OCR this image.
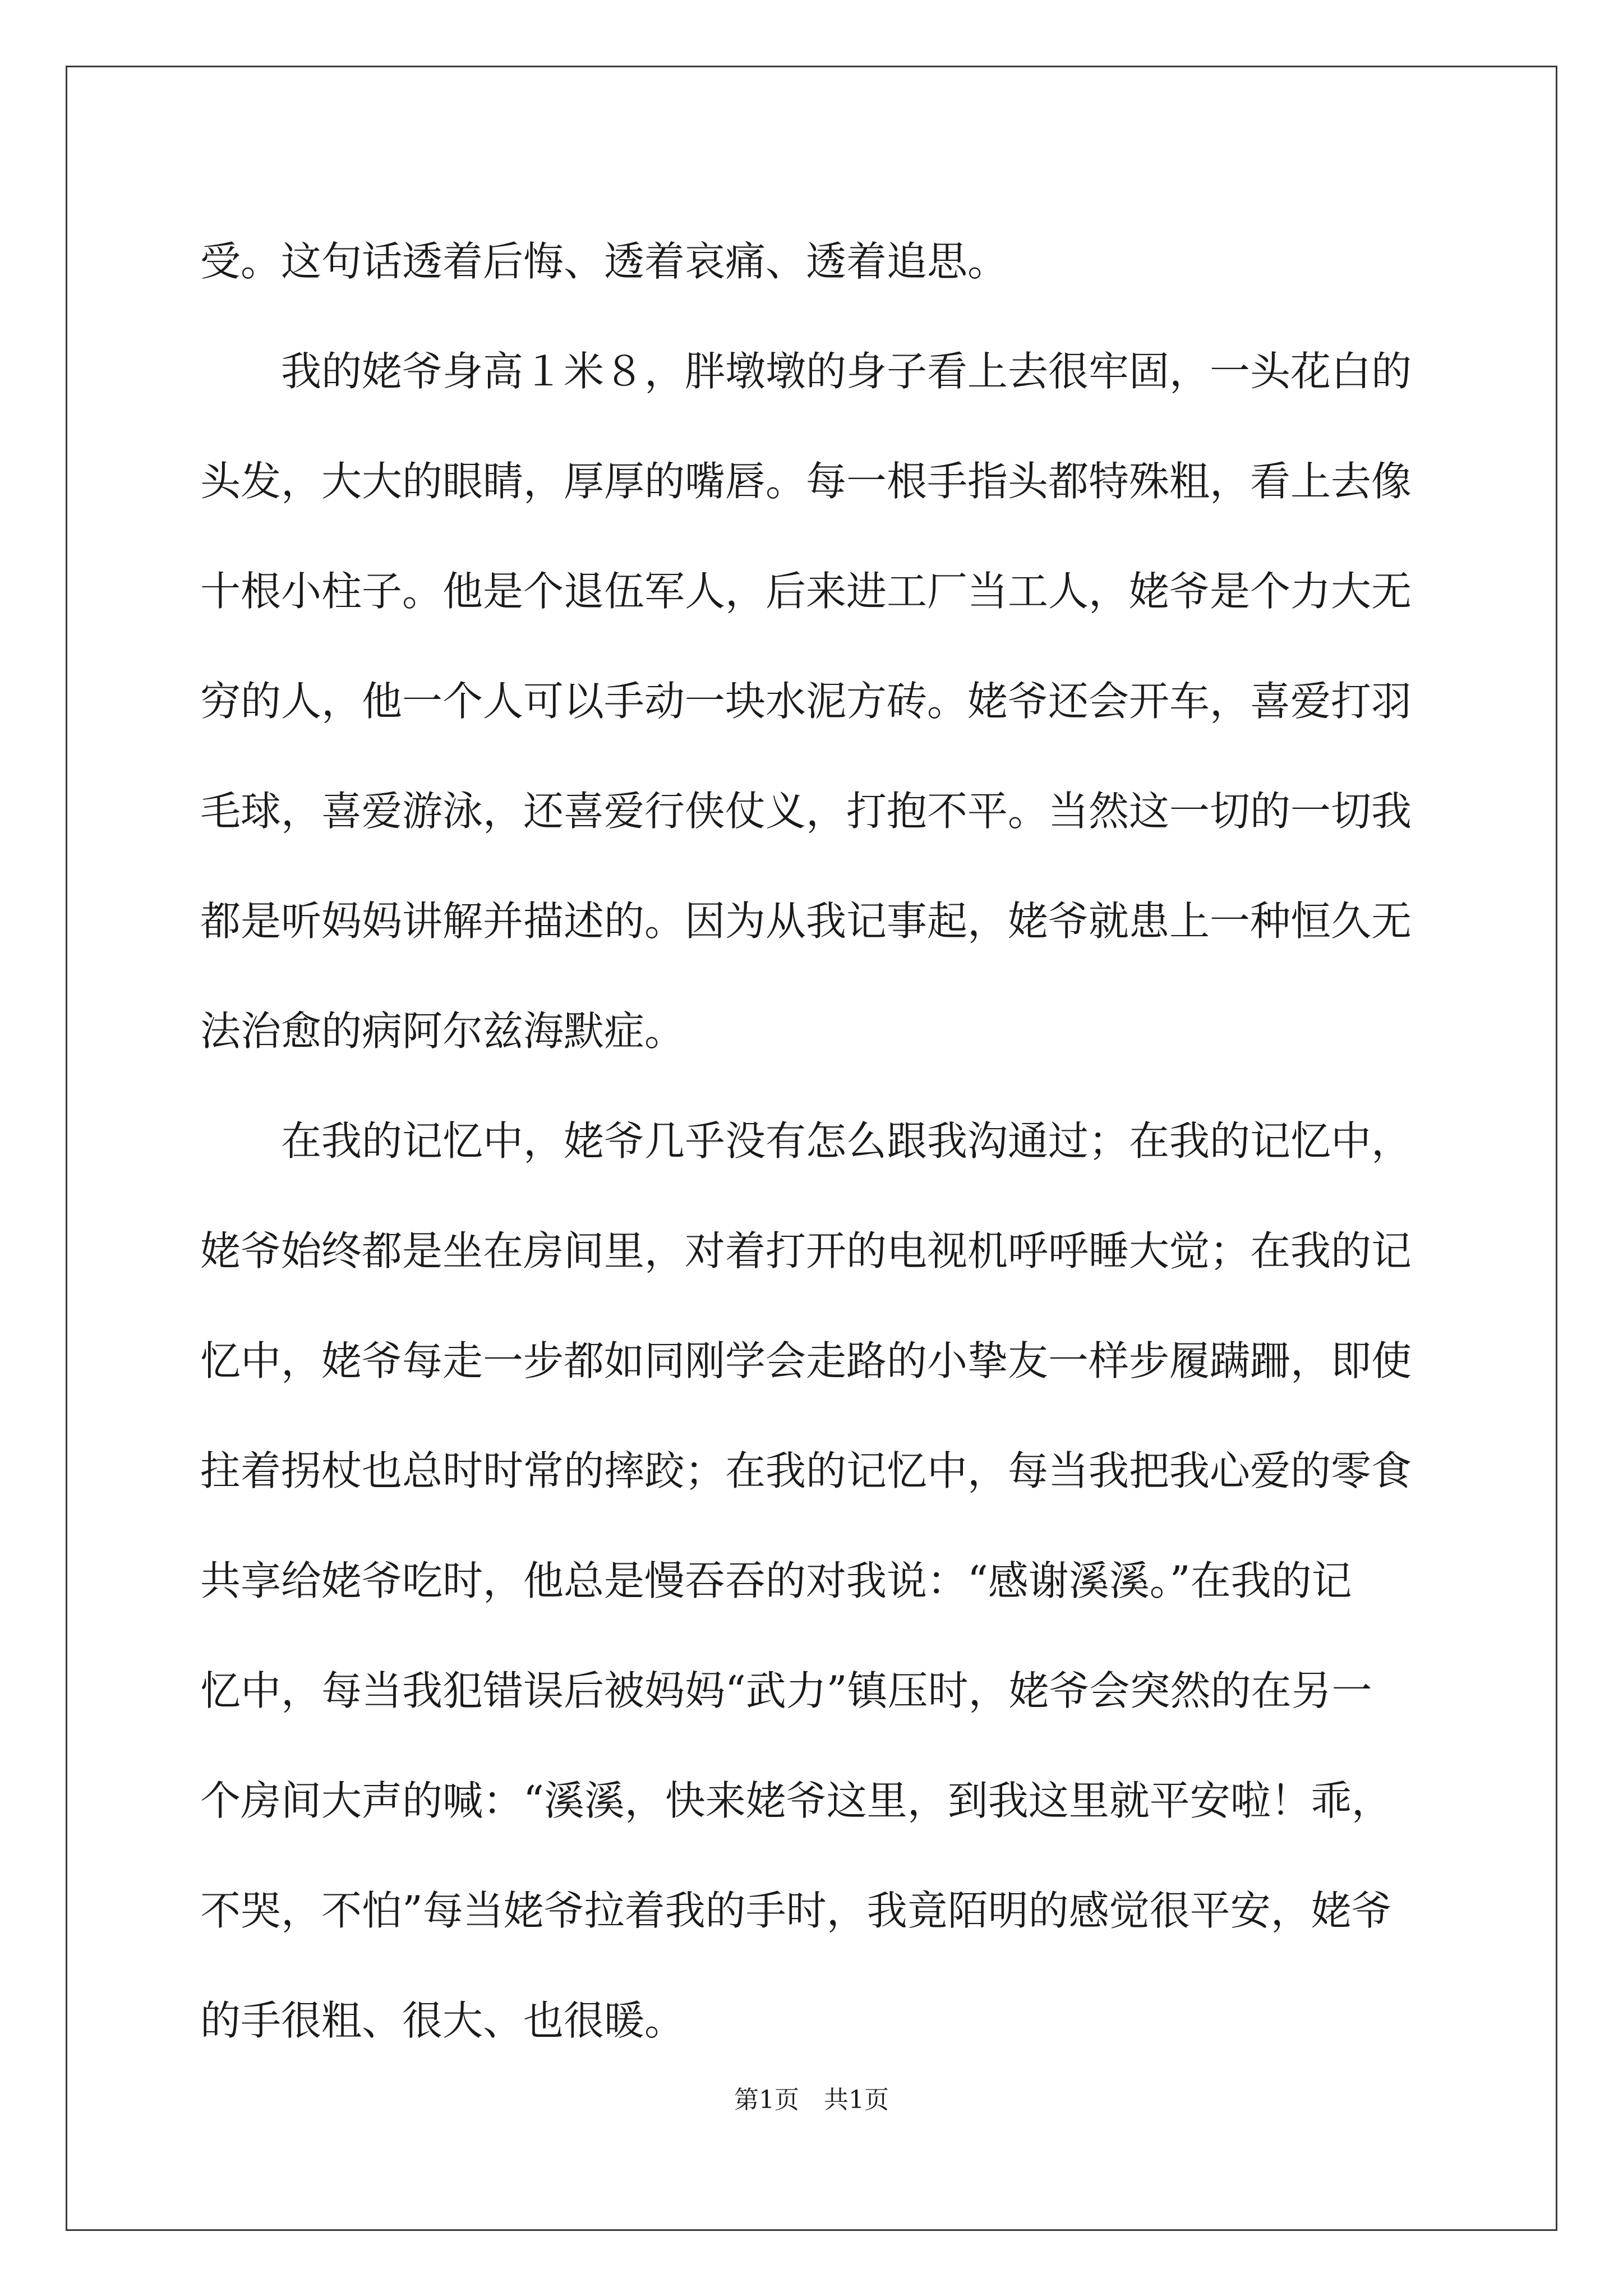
受。这句话透着后悔、透着哀痛、透着追思。
　　我的姥爷身高１米８，胖墩墩的身子看上去很牢固，一头花白的
头发，大大的眼睛，厚厚的嘴唇。每一根手指头都特殊粗，看上去像
十根小柱子。他是个退伍军人，后来进工厂当工人，姥爷是个力大无
穷的人，他一个人可以手动一块水泥方砖。姥爷还会开车，喜爱打羽
毛球，喜爱游泳，还喜爱行侠仗义，打抱不平。当然这一切的一切我
都是听妈妈讲解并描述的。因为从我记事起，姥爷就患上一种恒久无
法治愈的病阿尔兹海默症。
　　在我的记忆中，姥爷几乎没有怎么跟我沟通过；在我的记忆中，
姥爷始终都是坐在房间里，对着打开的电视机呼呼睡大觉；在我的记
忆中，姥爷每走一步都如同刚学会走路的小挚友一样步履蹒跚，即使
拄着拐杖也总时时常的摔跤；在我的记忆中，每当我把我心爱的零食
共享给姥爷吃时，他总是慢吞吞的对我说：“感谢溪溪。”在我的记
忆中，每当我犯错误后被妈妈“武力”镇压时，姥爷会突然的在另一
个房间大声的喊：“溪溪，快来姥爷这里，到我这里就平安啦！乖，
不哭，不怕”每当姥爷拉着我的手时，我竟陌明的感觉很平安，姥爷
的手很粗、很大、也很暖。
第1页　共1页
